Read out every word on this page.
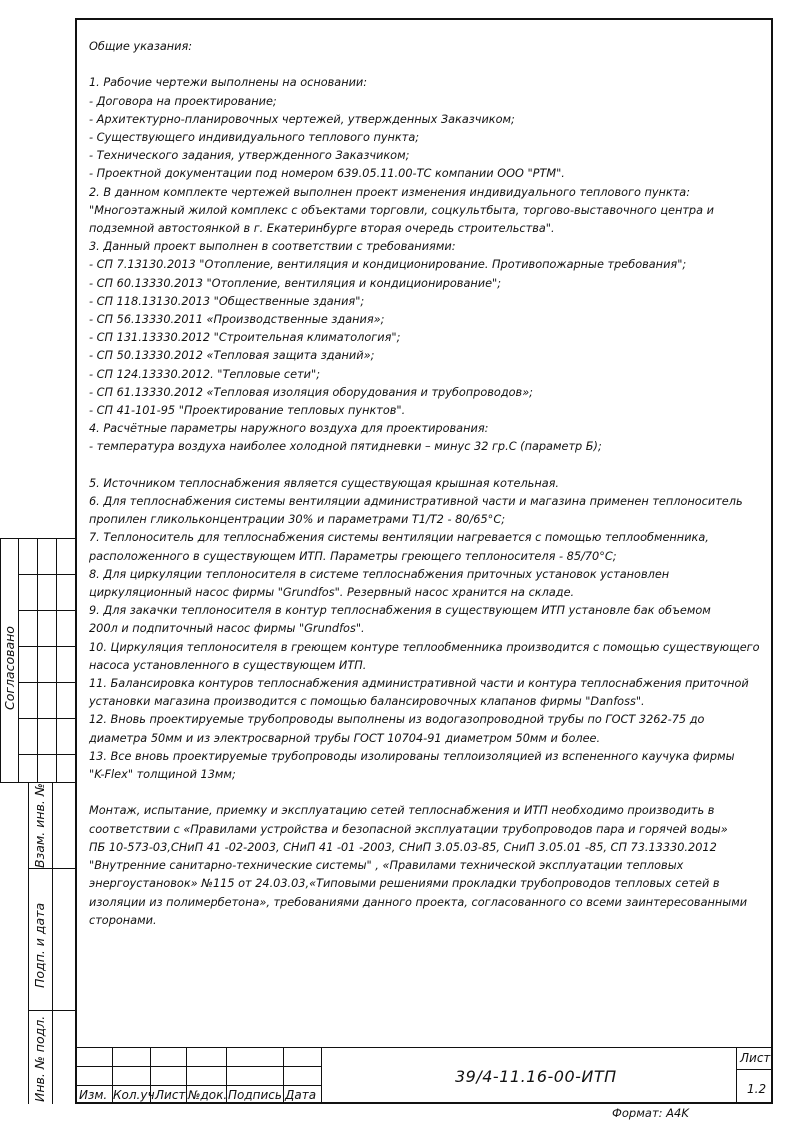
Общие указания:
1. Рабочие чертежи выполнены на основании:
- Договора на проектирование;
- Архитектурно-планировочных чертежей, утвержденных Заказчиком;
- Существующего индивидуального теплового пункта;
- Технического задания, утвержденного Заказчиком;
- Проектной документации под номером 639.05.11.00-ТС компании ООО "РТМ".
2. В данном комплекте чертежей выполнен проект изменения индивидуального теплового пункта:
"Многоэтажный жилой комплекс с объектами торговли, соцкультбыта, торгово-выставочного центра и
подземной автостоянкой в г. Екатеринбурге вторая очередь строительства".
3. Данный проект выполнен в соответствии с требованиями:
- СП 7.13130.2013 "Отопление, вентиляция и кондиционирование. Противопожарные требования";
- СП 60.13330.2013 "Отопление, вентиляция и кондиционирование";
- СП 118.13130.2013 "Общественные здания";
- СП 56.13330.2011 «Производственные здания»;
- СП 131.13330.2012 "Строительная климатология";
- СП 50.13330.2012 «Тепловая защита зданий»;
- СП 124.13330.2012. "Тепловые сети";
- СП 61.13330.2012 «Тепловая изоляция оборудования и трубопроводов»;
- СП 41-101-95 "Проектирование тепловых пунктов".
4. Расчётные параметры наружного воздуха для проектирования:
- температура воздуха наиболее холодной пятидневки – минус 32 гр.С (параметр Б);
5. Источником теплоснабжения является существующая крышная котельная.
6. Для теплоснабжения системы вентиляции административной части и магазина применен теплоноситель
пропилен гликольконцентрации 30% и параметрами Т1/Т2 - 80/65°С;
7. Теплоноситель для теплоснабжения системы вентиляции нагревается с помощью теплообменника,
расположенного в существующем ИТП. Параметры греющего теплоносителя - 85/70°С;
8. Для циркуляции теплоносителя в системе теплоснабжения приточных установок установлен
циркуляционный насос фирмы "Grundfos". Резервный насос хранится на складе.
9. Для закачки теплоносителя в контур теплоснабжения в существующем ИТП установле бак объемом
200л и подпиточный насос фирмы "Grundfos".
10. Циркуляция теплоносителя в греющем контуре теплообменника производится с помощью существующего
насоса установленного в существующем ИТП.
11. Балансировка контуров теплоснабжения административной части и контура теплоснабжения приточной
установки магазина производится с помощью балансировочных клапанов фирмы "Danfoss".
12. Вновь проектируемые трубопроводы выполнены из водогазопроводной трубы по ГОСТ 3262-75 до
диаметра 50мм и из электросварной трубы ГОСТ 10704-91 диаметром 50мм и более.
13. Все вновь проектируемые трубопроводы изолированы теплоизоляцией из вспененного каучука фирмы
"K-Flex" толщиной 13мм;
Монтаж, испытание, приемку и эксплуатацию сетей теплоснабжения и ИТП необходимо производить в
соответствии с «Правилами устройства и безопасной эксплуатации трубопроводов пара и горячей воды»
ПБ 10-573-03,СНиП 41 -02-2003, СНиП 41 -01 -2003, СНиП 3.05.03-85, СниП 3.05.01 -85, СП 73.13330.2012
"Внутренние санитарно-технические системы" , «Правилами технической эксплуатации тепловых
энергоустановок» №115 от 24.03.03,«Типовыми решениями прокладки трубопроводов тепловых сетей в
изоляции из полимербетона», требованиями данного проекта, согласованного со всеми заинтересованными
сторонами.
Согласовано
Взам. инв. №
Подп. и дата
Инв. № подл.	Изм. Кол.уч Лист №док. Подпись Дата
39/4-11.16-00-ИТП
Лист
1.2
Формат: A4K
